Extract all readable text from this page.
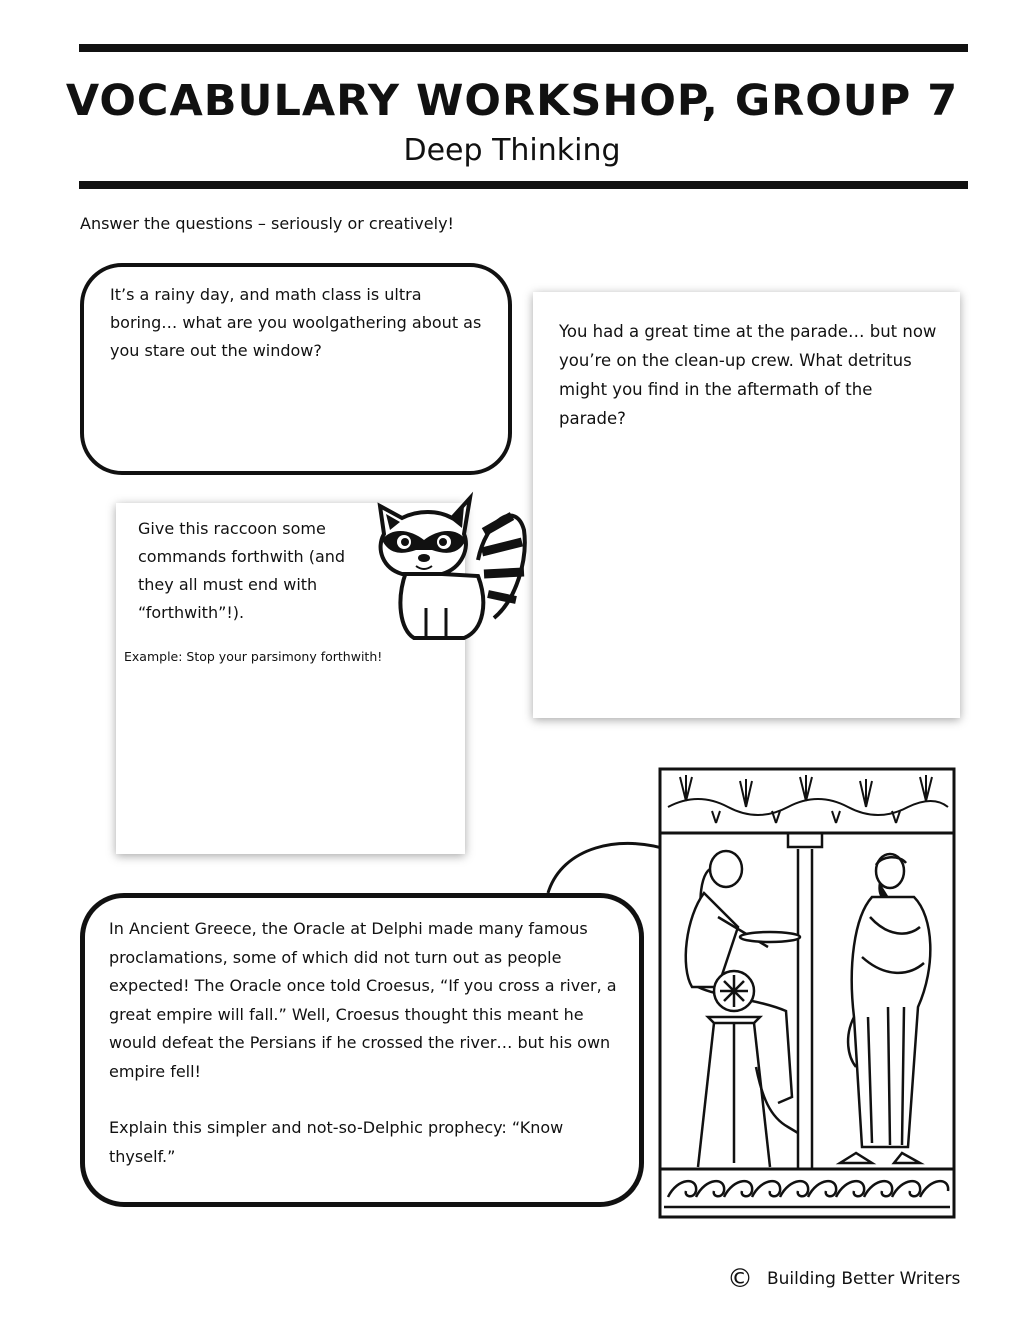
VOCABULARY WORKSHOP, GROUP 7
Deep Thinking
Answer the questions – seriously or creatively!
It’s a rainy day, and math class is ultra boring… what are you woolgathering about as you stare out the window?
You had a great time at the parade… but now you’re on the clean-up crew. What detritus might you find in the aftermath of the parade?
Give this raccoon some commands forthwith (and they all must end with “forthwith”!).
Example: Stop your parsimony forthwith!
In Ancient Greece, the Oracle at Delphi made many famous proclamations, some of which did not turn out as people expected! The Oracle once told Croesus, “If you cross a river, a great empire will fall.” Well, Croesus thought this meant he would defeat the Persians if he crossed the river… but his own empire fell!
Explain this simpler and not-so-Delphic prophecy: “Know thyself.”
© Building Better Writers
